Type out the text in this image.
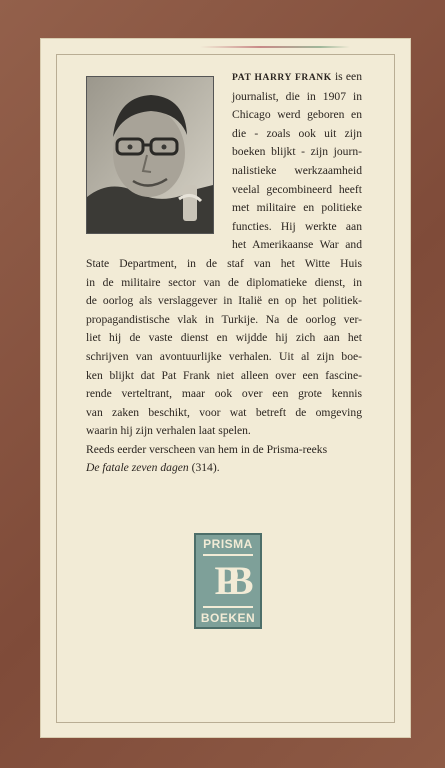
PAT HARRY FRANK is een
journalist, die in 1907 in
Chicago werd geboren en
die - zoals ook uit zijn
boeken blijkt - zijn journ-
nalistieke werkzaamheid
veelal gecombineerd heeft
met militaire en politieke
functies. Hij werkte aan
het Amerikaanse War and
State Department, in de staf van het Witte Huis
in de militaire sector van de diplomatieke dienst, in
de oorlog als verslaggever in Italië en op het politiek-
propagandistische vlak in Turkije. Na de oorlog ver-
liet hij de vaste dienst en wijdde hij zich aan het
schrijven van avontuurlijke verhalen. Uit al zijn boe-
ken blijkt dat Pat Frank niet alleen over een fascine-
rende verteltrant, maar ook over een grote kennis
van zaken beschikt, voor wat betreft de omgeving
waarin hij zijn verhalen laat spelen.
Reeds eerder verscheen van hem in de Prisma-reeks
De fatale zeven dagen (314).
PRISMA
PB
BOEKEN
